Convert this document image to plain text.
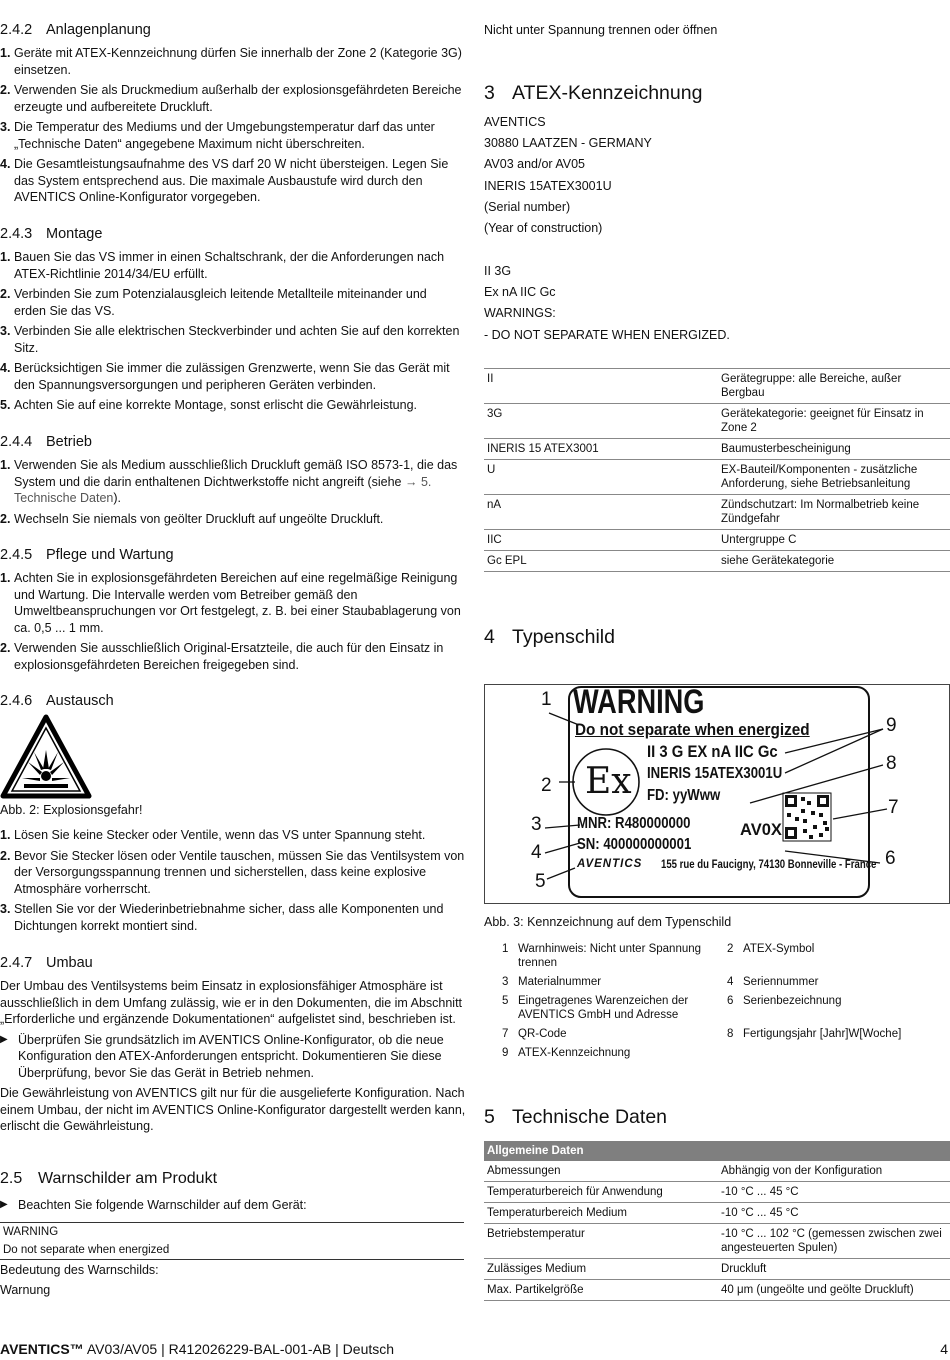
2.4.2 Anlagenplanung
1. Geräte mit ATEX-Kennzeichnung dürfen Sie innerhalb der Zone 2 (Kategorie 3G) einsetzen.
2. Verwenden Sie als Druckmedium außerhalb der explosionsgefährdeten Bereiche erzeugte und aufbereitete Druckluft.
3. Die Temperatur des Mediums und der Umgebungstemperatur darf das unter „Technische Daten“ angegebene Maximum nicht überschreiten.
4. Die Gesamtleistungsaufnahme des VS darf 20 W nicht übersteigen. Legen Sie das System entsprechend aus. Die maximale Ausbaustufe wird durch den AVENTICS Online-Konfigurator vorgegeben.
2.4.3 Montage
1. Bauen Sie das VS immer in einen Schaltschrank, der die Anforderungen nach ATEX-Richtlinie 2014/34/EU erfüllt.
2. Verbinden Sie zum Potenzialausgleich leitende Metallteile miteinander und erden Sie das VS.
3. Verbinden Sie alle elektrischen Steckverbinder und achten Sie auf den korrekten Sitz.
4. Berücksichtigen Sie immer die zulässigen Grenzwerte, wenn Sie das Gerät mit den Spannungsversorgungen und peripheren Geräten verbinden.
5. Achten Sie auf eine korrekte Montage, sonst erlischt die Gewährleistung.
2.4.4 Betrieb
1. Verwenden Sie als Medium ausschließlich Druckluft gemäß ISO 8573-1, die das System und die darin enthaltenen Dichtwerkstoffe nicht angreift (siehe → 5. Technische Daten).
2. Wechseln Sie niemals von geölter Druckluft auf ungeölte Druckluft.
2.4.5 Pflege und Wartung
1. Achten Sie in explosionsgefährdeten Bereichen auf eine regelmäßige Reinigung und Wartung. Die Intervalle werden vom Betreiber gemäß den Umweltbeanspruchungen vor Ort festgelegt, z. B. bei einer Staubablagerung von ca. 0,5 ... 1 mm.
2. Verwenden Sie ausschließlich Original-Ersatzteile, die auch für den Einsatz in explosionsgefährdeten Bereichen freigegeben sind.
2.4.6 Austausch
Abb. 2: Explosionsgefahr!
1. Lösen Sie keine Stecker oder Ventile, wenn das VS unter Spannung steht.
2. Bevor Sie Stecker lösen oder Ventile tauschen, müssen Sie das Ventilsystem von der Versorgungsspannung trennen und sicherstellen, dass keine explosive Atmosphäre vorherrscht.
3. Stellen Sie vor der Wiederinbetriebnahme sicher, dass alle Komponenten und Dichtungen korrekt montiert sind.
2.4.7 Umbau
Der Umbau des Ventilsystems beim Einsatz in explosionsfähiger Atmosphäre ist ausschließlich in dem Umfang zulässig, wie er in den Dokumenten, die im Abschnitt „Erforderliche und ergänzende Dokumentationen“ aufgelistet sind, beschrieben ist.
▶ Überprüfen Sie grundsätzlich im AVENTICS Online-Konfigurator, ob die neue Konfiguration den ATEX-Anforderungen entspricht. Dokumentieren Sie diese Überprüfung, bevor Sie das Gerät in Betrieb nehmen.
Die Gewährleistung von AVENTICS gilt nur für die ausgelieferte Konfiguration. Nach einem Umbau, der nicht im AVENTICS Online-Konfigurator dargestellt werden kann, erlischt die Gewährleistung.
2.5 Warnschilder am Produkt
▶ Beachten Sie folgende Warnschilder auf dem Gerät:
WARNING
Do not separate when energized
Bedeutung des Warnschilds:
Warnung
Nicht unter Spannung trennen oder öffnen
3 ATEX-Kennzeichnung
AVENTICS
30880 LAATZEN - GERMANY
AV03 and/or AV05
INERIS 15ATEX3001U
(Serial number)
(Year of construction)
II 3G
Ex nA IIC Gc
WARNINGS:
- DO NOT SEPARATE WHEN ENERGIZED.
II	Gerätegruppe: alle Bereiche, außer Bergbau
3G	Gerätekategorie: geeignet für Einsatz in Zone 2
INERIS 15 ATEX3001	Baumusterbescheinigung
U	EX-Bauteil/Komponenten - zusätzliche Anforderung, siehe Betriebsanleitung
nA	Zündschutzart: Im Normalbetrieb keine Zündgefahr
IIC	Untergruppe C
Gc EPL	siehe Gerätekategorie
4 Typenschild
WARNING
Do not separate when energized
II 3 G EX nA IIC Gc
INERIS 15ATEX3001U
FD: yyWww
Ex
MNR: R480000000
SN: 400000000001
AV0X
AVENTICS 155 rue du Faucigny, 74130 Bonneville - France
1
2
3
4
5
6
7
8
9
Abb. 3: Kennzeichnung auf dem Typenschild
1 Warnhinweis: Nicht unter Spannung trennen
2 ATEX-Symbol
3 Materialnummer	4 Seriennummer
5 Eingetragenes Warenzeichen der AVENTICS GmbH und Adresse
6 Serienbezeichnung
7 QR-Code	8 Fertigungsjahr [Jahr]W[Woche]
9 ATEX-Kennzeichnung
5 Technische Daten
Allgemeine Daten	
Abmessungen	Abhängig von der Konfiguration
Temperaturbereich für Anwendung	-10 °C ... 45 °C
Temperaturbereich Medium	-10 °C ... 45 °C
Betriebstemperatur	-10 °C ... 102 °C (gemessen zwischen zwei angesteuerten Spulen)
Zulässiges Medium	Druckluft
Max. Partikelgröße	40 μm (ungeölte und geölte Druckluft)
AVENTICS™ AV03/AV05 | R412026229-BAL-001-AB | Deutsch	4
